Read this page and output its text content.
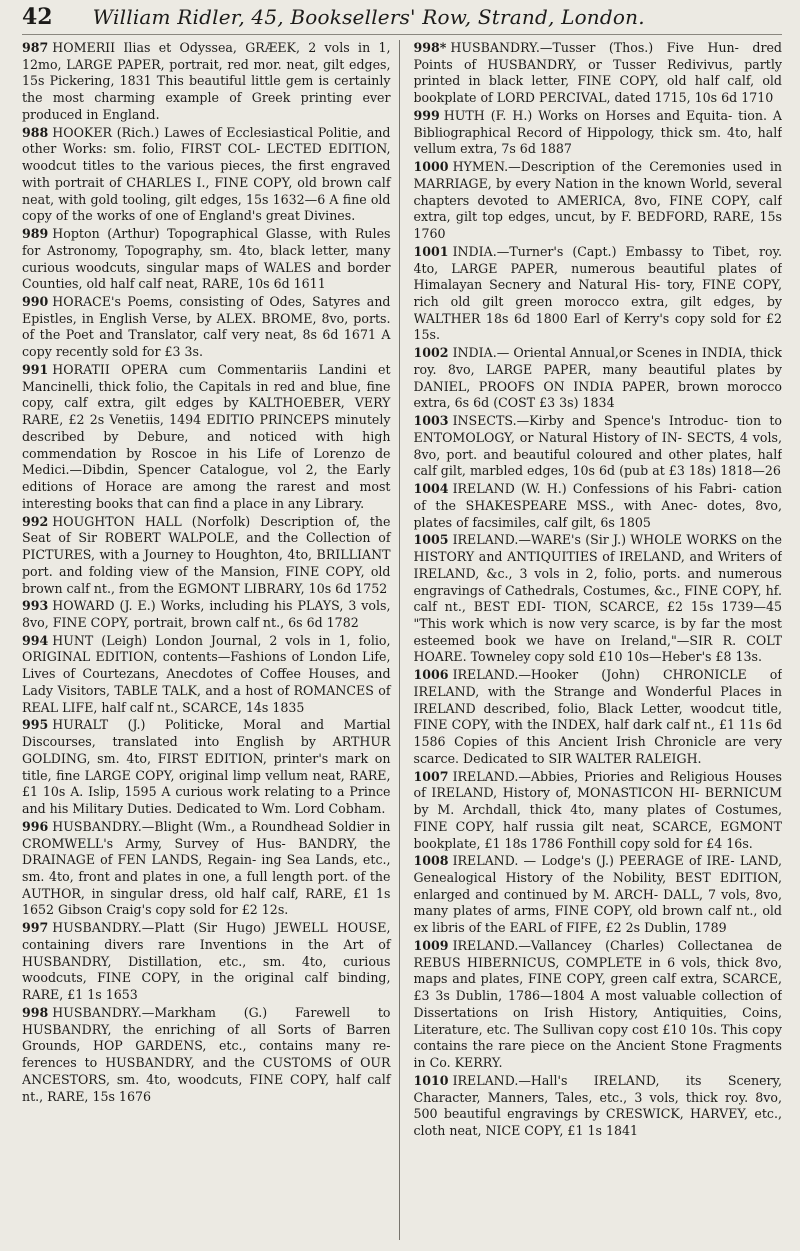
42 William Ridler, 45, Booksellers' Row, Strand, London.

987 HOMERII Ilias et Odyssea, GRÆEK, 2 vols in 1, 12mo, LARGE PAPER, portrait, red mor. neat, gilt edges, 15s Pickering, 1831 This beautiful little gem is certainly the most charming example of Greek printing ever produced in England.

988 HOOKER (Rich.) Lawes of Ecclesiastical Politie, and other Works: sm. folio, FIRST COL- LECTED EDITION, woodcut titles to the various pieces, the first engraved with portrait of CHARLES I., FINE COPY, old brown calf neat, with gold tooling, gilt edges, 15s 1632—6 A fine old copy of the works of one of England's great Divines.

989 Hopton (Arthur) Topographical Glasse, with Rules for Astronomy, Topography, sm. 4to, black letter, many curious woodcuts, singular maps of WALES and border Counties, old half calf neat, RARE, 10s 6d 1611

990 HORACE's Poems, consisting of Odes, Satyres and Epistles, in English Verse, by ALEX. BROME, 8vo, ports. of the Poet and Translator, calf very neat, 8s 6d 1671 A copy recently sold for £3 3s.

991 HORATII OPERA cum Commentariis Landini et Mancinelli, thick folio, the Capitals in red and blue, fine copy, calf extra, gilt edges by KALTHOEBER, VERY RARE, £2 2s Venetiis, 1494 EDITIO PRINCEPS minutely described by Debure, and noticed with high commendation by Roscoe in his Life of Lorenzo de Medici.—Dibdin, Spencer Catalogue, vol 2, the Early editions of Horace are among the rarest and most interesting books that can find a place in any Library.

992 HOUGHTON HALL (Norfolk) Description of, the Seat of Sir ROBERT WALPOLE, and the Collection of PICTURES, with a Journey to Houghton, 4to, BRILLIANT port. and folding view of the Mansion, FINE COPY, old brown calf nt., from the EGMONT LIBRARY, 10s 6d 1752

993 HOWARD (J. E.) Works, including his PLAYS, 3 vols, 8vo, FINE COPY, portrait, brown calf nt., 6s 6d 1782

994 HUNT (Leigh) London Journal, 2 vols in 1, folio, ORIGINAL EDITION, contents—Fashions of London Life, Lives of Courtezans, Anecdotes of Coffee Houses, and Lady Visitors, TABLE TALK, and a host of ROMANCES of REAL LIFE, half calf nt., SCARCE, 14s 1835

995 HURALT (J.) Politicke, Moral and Martial Discourses, translated into English by ARTHUR GOLDING, sm. 4to, FIRST EDITION, printer's mark on title, fine LARGE COPY, original limp vellum neat, RARE, £1 10s A. Islip, 1595 A curious work relating to a Prince and his Military Duties. Dedicated to Wm. Lord Cobham.

996 HUSBANDRY.—Blight (Wm., a Roundhead Soldier in CROMWELL's Army, Survey of Hus- BANDRY, the DRAINAGE of FEN LANDS, Regain- ing Sea Lands, etc., sm. 4to, front and plates in one, a full length port. of the AUTHOR, in singular dress, old half calf, RARE, £1 1s 1652 Gibson Craig's copy sold for £2 12s.

997 HUSBANDRY.—Platt (Sir Hugo) JEWELL HOUSE, containing divers rare Inventions in the Art of HUSBANDRY, Distillation, etc., sm. 4to, curious woodcuts, FINE COPY, in the original calf binding, RARE, £1 1s 1653

998 HUSBANDRY.—Markham (G.) Farewell to HUSBANDRY, the enriching of all Sorts of Barren Grounds, HOP GARDENS, etc., contains many re- ferences to HUSBANDRY, and the CUSTOMS of OUR ANCESTORS, sm. 4to, woodcuts, FINE COPY, half calf nt., RARE, 15s 1676

998* HUSBANDRY.—Tusser (Thos.) Five Hun- dred Points of HUSBANDRY, or Tusser Redivivus, partly printed in black letter, FINE COPY, old half calf, old bookplate of LORD PERCIVAL, dated 1715, 10s 6d 1710

999 HUTH (F. H.) Works on Horses and Equita- tion. A Bibliographical Record of Hippology, thick sm. 4to, half vellum extra, 7s 6d 1887

1000 HYMEN.—Description of the Ceremonies used in MARRIAGE, by every Nation in the known World, several chapters devoted to AMERICA, 8vo, FINE COPY, calf extra, gilt top edges, uncut, by F. BEDFORD, RARE, 15s 1760

1001 INDIA.—Turner's (Capt.) Embassy to Tibet, roy. 4to, LARGE PAPER, numerous beautiful plates of Himalayan Secnery and Natural His- tory, FINE COPY, rich old gilt green morocco extra, gilt edges, by WALTHER 18s 6d 1800 Earl of Kerry's copy sold for £2 15s.

1002 INDIA.— Oriental Annual,or Scenes in INDIA, thick roy. 8vo, LARGE PAPER, many beautiful plates by DANIEL, PROOFS ON INDIA PAPER, brown morocco extra, 6s 6d (COST £3 3s) 1834

1003 INSECTS.—Kirby and Spence's Introduc- tion to ENTOMOLOGY, or Natural History of IN- SECTS, 4 vols, 8vo, port. and beautiful coloured and other plates, half calf gilt, marbled edges, 10s 6d (pub at £3 18s) 1818—26

1004 IRELAND (W. H.) Confessions of his Fabri- cation of the SHAKESPEARE MSS., with Anec- dotes, 8vo, plates of facsimiles, calf gilt, 6s 1805

1005 IRELAND.—WARE's (Sir J.) WHOLE WORKS on the HISTORY and ANTIQUITIES of IRELAND, and Writers of IRELAND, &c., 3 vols in 2, folio, ports. and numerous engravings of Cathedrals, Costumes, &c., FINE COPY, hf. calf nt., BEST EDI- TION, SCARCE, £2 15s 1739—45 "This work which is now very scarce, is by far the most esteemed book we have on Ireland,"—SIR R. COLT HOARE. Towneley copy sold £10 10s—Heber's £8 13s.

1006 IRELAND.—Hooker (John) CHRONICLE of IRELAND, with the Strange and Wonderful Places in IRELAND described, folio, Black Letter, woodcut title, FINE COPY, with the INDEX, half dark calf nt., £1 11s 6d 1586 Copies of this Ancient Irish Chronicle are very scarce. Dedicated to SIR WALTER RALEIGH.

1007 IRELAND.—Abbies, Priories and Religious Houses of IRELAND, History of, MONASTICON HI- BERNICUM by M. Archdall, thick 4to, many plates of Costumes, FINE COPY, half russia gilt neat, SCARCE, EGMONT bookplate, £1 18s 1786 Fonthill copy sold for £4 16s.

1008 IRELAND. — Lodge's (J.) PEERAGE of IRE- LAND, Genealogical History of the Nobility, BEST EDITION, enlarged and continued by M. ARCH- DALL, 7 vols, 8vo, many plates of arms, FINE COPY, old brown calf nt., old ex libris of the EARL of FIFE, £2 2s Dublin, 1789

1009 IRELAND.—Vallancey (Charles) Collectanea de REBUS HIBERNICUS, COMPLETE in 6 vols, thick 8vo, maps and plates, FINE COPY, green calf extra, SCARCE, £3 3s Dublin, 1786—1804 A most valuable collection of Dissertations on Irish History, Antiquities, Coins, Literature, etc. The Sullivan copy cost £10 10s. This copy contains the rare piece on the Ancient Stone Fragments in Co. KERRY.

1010 IRELAND.—Hall's IRELAND, its Scenery, Character, Manners, Tales, etc., 3 vols, thick roy. 8vo, 500 beautiful engravings by CRESWICK, HARVEY, etc., cloth neat, NICE COPY, £1 1s 1841
